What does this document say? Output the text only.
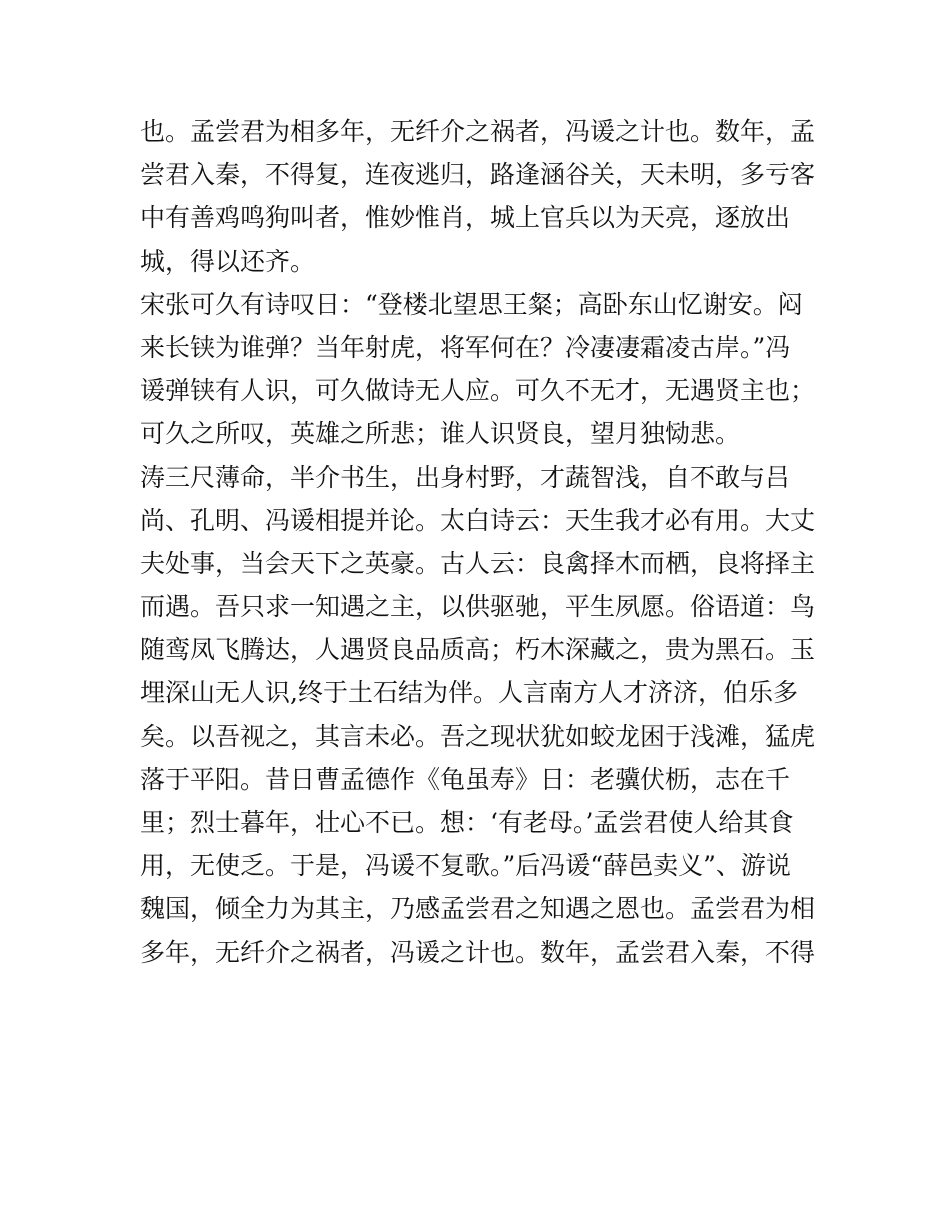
也。孟尝君为相多年，无纤介之祸者，冯谖之计也。数年，孟
尝君入秦，不得复，连夜逃归，路逢涵谷关，天未明，多亏客
中有善鸡鸣狗叫者，惟妙惟肖，城上官兵以为天亮，逐放出
城，得以还齐。
宋张可久有诗叹日：“登楼北望思王粲；高卧东山忆谢安。闷
来长铗为谁弹？当年射虎，将军何在？冷凄凄霜凌古岸。”冯
谖弹铗有人识，可久做诗无人应。可久不无才，无遇贤主也；
可久之所叹，英雄之所悲；谁人识贤良，望月独恸悲。
涛三尺薄命，半介书生，出身村野，才蔬智浅，自不敢与吕
尚、孔明、冯谖相提并论。太白诗云：天生我才必有用。大丈
夫处事，当会天下之英豪。古人云：良禽择木而栖，良将择主
而遇。吾只求一知遇之主，以供驱驰，平生夙愿。俗语道：鸟
随鸾凤飞腾达，人遇贤良品质高；朽木深藏之，贵为黑石。玉
埋深山无人识,终于土石结为伴。人言南方人才济济，伯乐多
矣。以吾视之，其言未必。吾之现状犹如蛟龙困于浅滩，猛虎
落于平阳。昔日曹孟德作《龟虽寿》日：老骥伏枥，志在千
里；烈士暮年，壮心不已。想：‘有老母。’孟尝君使人给其食
用，无使乏。于是，冯谖不复歌。”后冯谖“薛邑卖义”、游说
魏国，倾全力为其主，乃感孟尝君之知遇之恩也。孟尝君为相
多年，无纤介之祸者，冯谖之计也。数年，孟尝君入秦，不得
